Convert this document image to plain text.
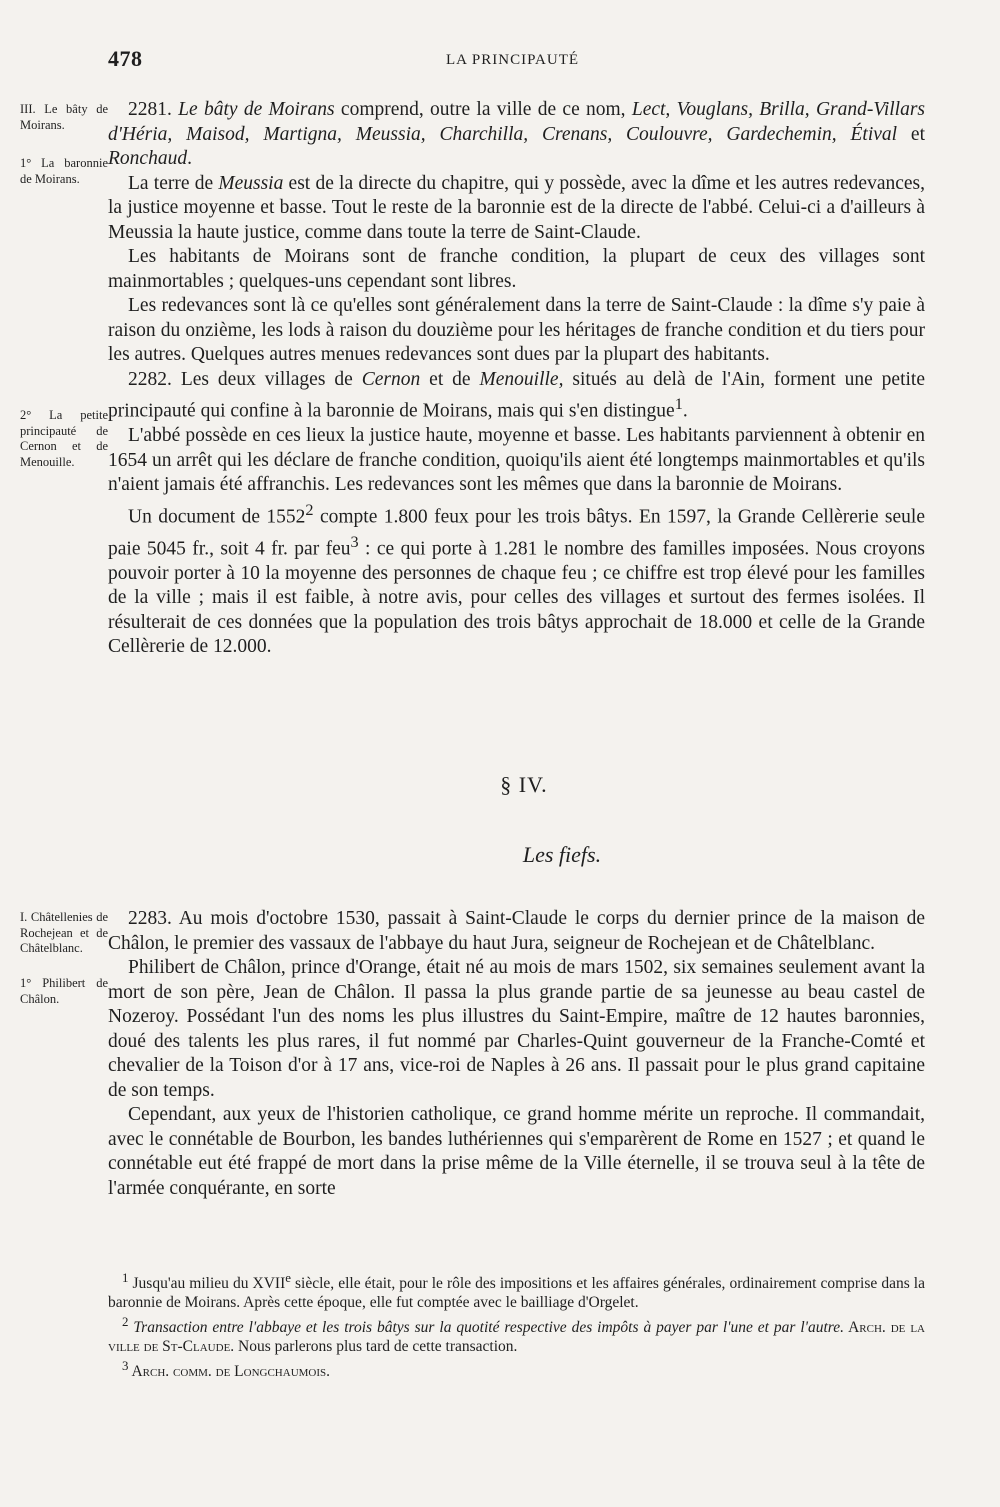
478	LA PRINCIPAUTÉ
III. Le bâty de Moirans.
1° La baronnie de Moirans.
2° La petite principauté de Cernon et de Menouille.
I. Châtellenies de Rochejean et de Châtelblanc.
1° Philibert de Châlon.

2281. Le bâty de Moirans comprend, outre la ville de ce nom, Lect, Vouglans, Brilla, Grand-Villars d'Héria, Maisod, Martigna, Meussia, Charchilla, Crenans, Coulouvre, Gardechemin, Étival et Ronchaud.

La terre de Meussia est de la directe du chapitre, qui y possède, avec la dîme et les autres redevances, la justice moyenne et basse. Tout le reste de la baronnie est de la directe de l'abbé. Celui-ci a d'ailleurs à Meussia la haute justice, comme dans toute la terre de Saint-Claude.

Les habitants de Moirans sont de franche condition, la plupart de ceux des villages sont mainmortables ; quelques-uns cependant sont libres.

Les redevances sont là ce qu'elles sont généralement dans la terre de Saint-Claude : la dîme s'y paie à raison du onzième, les lods à raison du douzième pour les héritages de franche condition et du tiers pour les autres. Quelques autres menues redevances sont dues par la plupart des habitants.

2282. Les deux villages de Cernon et de Menouille, situés au delà de l'Ain, forment une petite principauté qui confine à la baronnie de Moirans, mais qui s'en distingue$^1$.

L'abbé possède en ces lieux la justice haute, moyenne et basse. Les habitants parviennent à obtenir en 1654 un arrêt qui les déclare de franche condition, quoiqu'ils aient été longtemps mainmortables et qu'ils n'aient jamais été affranchis. Les redevances sont les mêmes que dans la baronnie de Moirans.

Un document de 1552$^2$ compte 1.800 feux pour les trois bâtys. En 1597, la Grande Cellèrerie seule paie 5045 fr., soit 4 fr. par feu$^3$ : ce qui porte à 1.281 le nombre des familles imposées. Nous croyons pouvoir porter à 10 la moyenne des personnes de chaque feu ; ce chiffre est trop élevé pour les familles de la ville ; mais il est faible, à notre avis, pour celles des villages et surtout des fermes isolées. Il résulterait de ces données que la population des trois bâtys approchait de 18.000 et celle de la Grande Cellèrerie de 12.000.

§ IV.
Les fiefs.

2283. Au mois d'octobre 1530, passait à Saint-Claude le corps du dernier prince de la maison de Châlon, le premier des vassaux de l'abbaye du haut Jura, seigneur de Rochejean et de Châtelblanc.

Philibert de Châlon, prince d'Orange, était né au mois de mars 1502, six semaines seulement avant la mort de son père, Jean de Châlon. Il passa la plus grande partie de sa jeunesse au beau castel de Nozeroy. Possédant l'un des noms les plus illustres du Saint-Empire, maître de 12 hautes baronnies, doué des talents les plus rares, il fut nommé par Charles-Quint gouverneur de la Franche-Comté et chevalier de la Toison d'or à 17 ans, vice-roi de Naples à 26 ans. Il passait pour le plus grand capitaine de son temps.

Cependant, aux yeux de l'historien catholique, ce grand homme mérite un reproche. Il commandait, avec le connétable de Bourbon, les bandes luthériennes qui s'emparèrent de Rome en 1527 ; et quand le connétable eut été frappé de mort dans la prise même de la Ville éternelle, il se trouva seul à la tête de l'armée conquérante, en sorte

$^1$ Jusqu'au milieu du XVIIe siècle, elle était, pour le rôle des impositions et les affaires générales, ordinairement comprise dans la baronnie de Moirans. Après cette époque, elle fut comptée avec le bailliage d'Orgelet.

$^2$ Transaction entre l'abbaye et les trois bâtys sur la quotité respective des impôts à payer par l'une et par l'autre. Arch. de la ville de St-Claude. Nous parlerons plus tard de cette transaction.

$^3$ Arch. comm. de Longchaumois.
